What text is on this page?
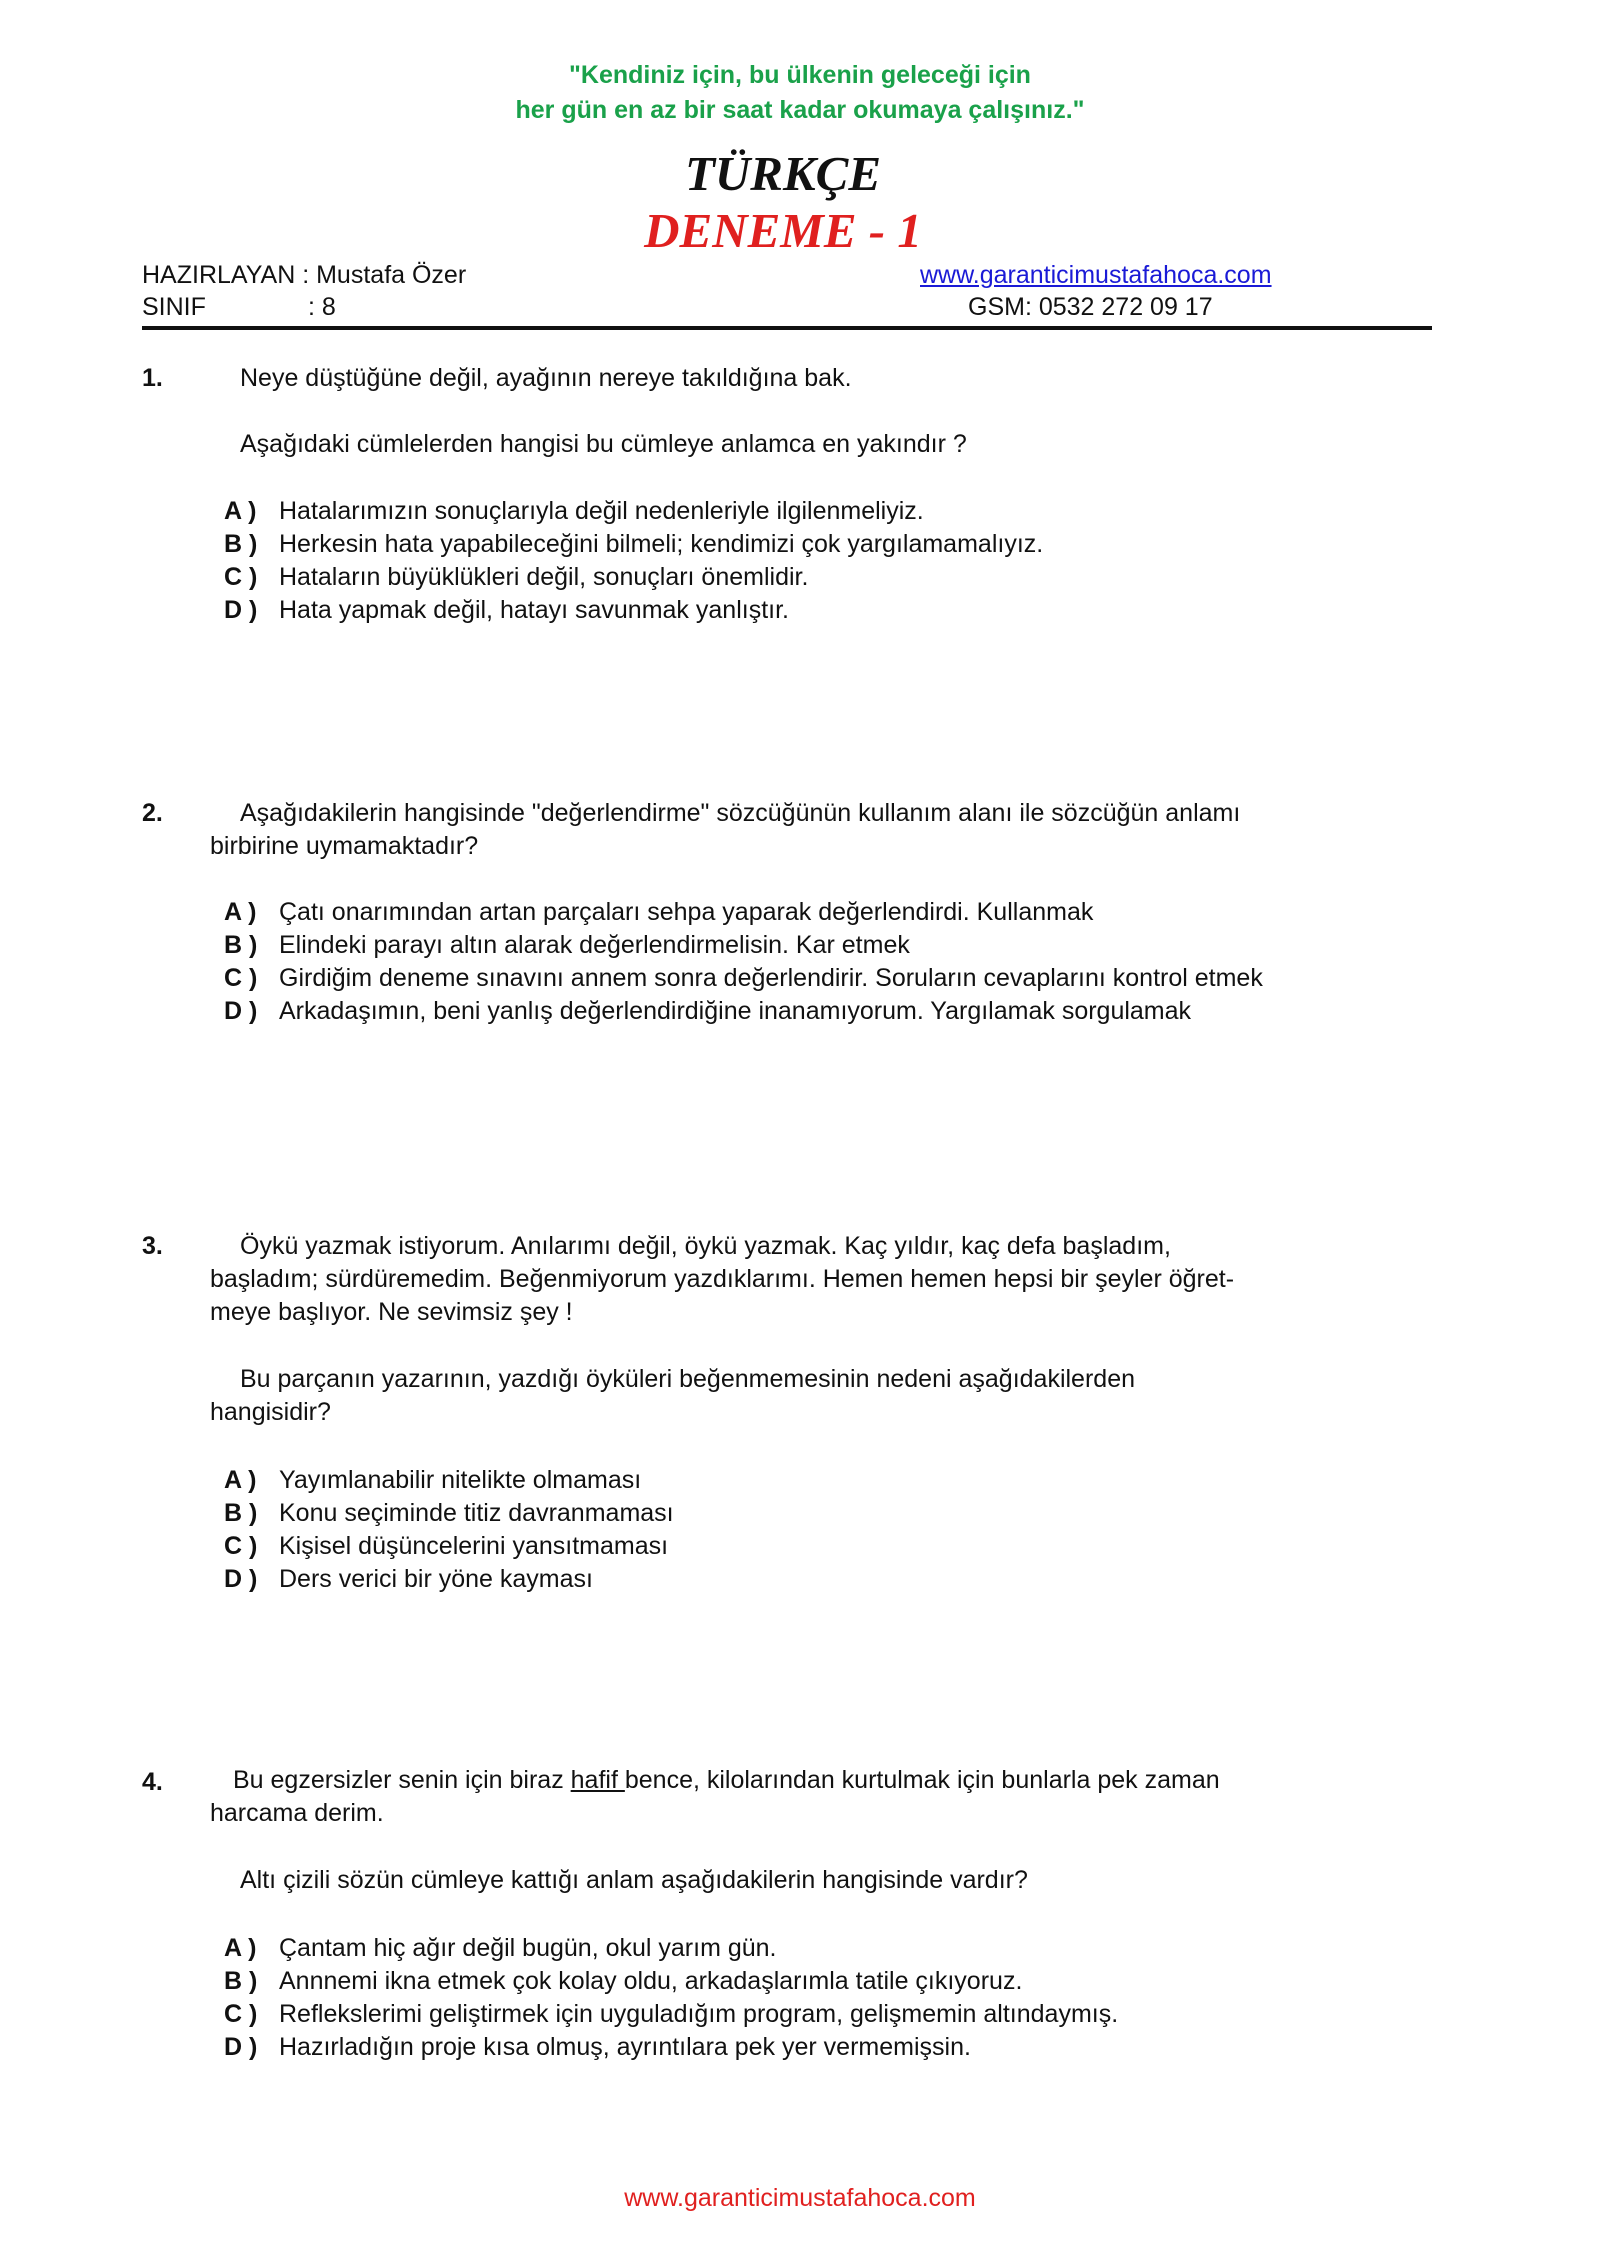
"Kendiniz için, bu ülkenin geleceği için
her gün en az bir saat kadar okumaya çalışınız."
TÜRKÇE
DENEME - 1
HAZIRLAYAN : Mustafa Özer	www.garanticimustafahoca.com
SINIF	: 8	GSM: 0532 272 09 17
1.	Neye düştüğüne değil, ayağının nereye takıldığına bak.
Aşağıdaki cümlelerden hangisi bu cümleye anlamca en yakındır ?
A ) Hatalarımızın sonuçlarıyla değil nedenleriyle ilgilenmeliyiz.
B ) Herkesin hata yapabileceğini bilmeli; kendimizi çok yargılamamalıyız.
C ) Hataların büyüklükleri değil, sonuçları önemlidir.
D ) Hata yapmak değil, hatayı savunmak yanlıştır.
2.	Aşağıdakilerin hangisinde "değerlendirme" sözcüğünün kullanım alanı ile sözcüğün anlamı
birbirine uymamaktadır?
A ) Çatı onarımından artan parçaları sehpa yaparak değerlendirdi. Kullanmak
B ) Elindeki parayı altın alarak değerlendirmelisin. Kar etmek
C ) Girdiğim deneme sınavını annem sonra değerlendirir. Soruların cevaplarını kontrol etmek
D ) Arkadaşımın, beni yanlış değerlendirdiğine inanamıyorum. Yargılamak sorgulamak
3.	Öykü yazmak istiyorum. Anılarımı değil, öykü yazmak. Kaç yıldır, kaç defa başladım,
başladım; sürdüremedim. Beğenmiyorum yazdıklarımı. Hemen hemen hepsi bir şeyler öğret-
meye başlıyor. Ne sevimsiz şey !
Bu parçanın yazarının, yazdığı öyküleri beğenmemesinin nedeni aşağıdakilerden
hangisidir?
A ) Yayımlanabilir nitelikte olmaması
B ) Konu seçiminde titiz davranmaması
C ) Kişisel düşüncelerini yansıtmaması
D ) Ders verici bir yöne kayması
4.	Bu egzersizler senin için biraz hafif bence, kilolarından kurtulmak için bunlarla pek zaman
harcama derim.
Altı çizili sözün cümleye kattığı anlam aşağıdakilerin hangisinde vardır?
A ) Çantam hiç ağır değil bugün, okul yarım gün.
B ) Annnemi ikna etmek çok kolay oldu, arkadaşlarımla tatile çıkıyoruz.
C ) Reflekslerimi geliştirmek için uyguladığım program, gelişmemin altındaymış.
D ) Hazırladığın proje kısa olmuş, ayrıntılara pek yer vermemişsin.
www.garanticimustafahoca.com
